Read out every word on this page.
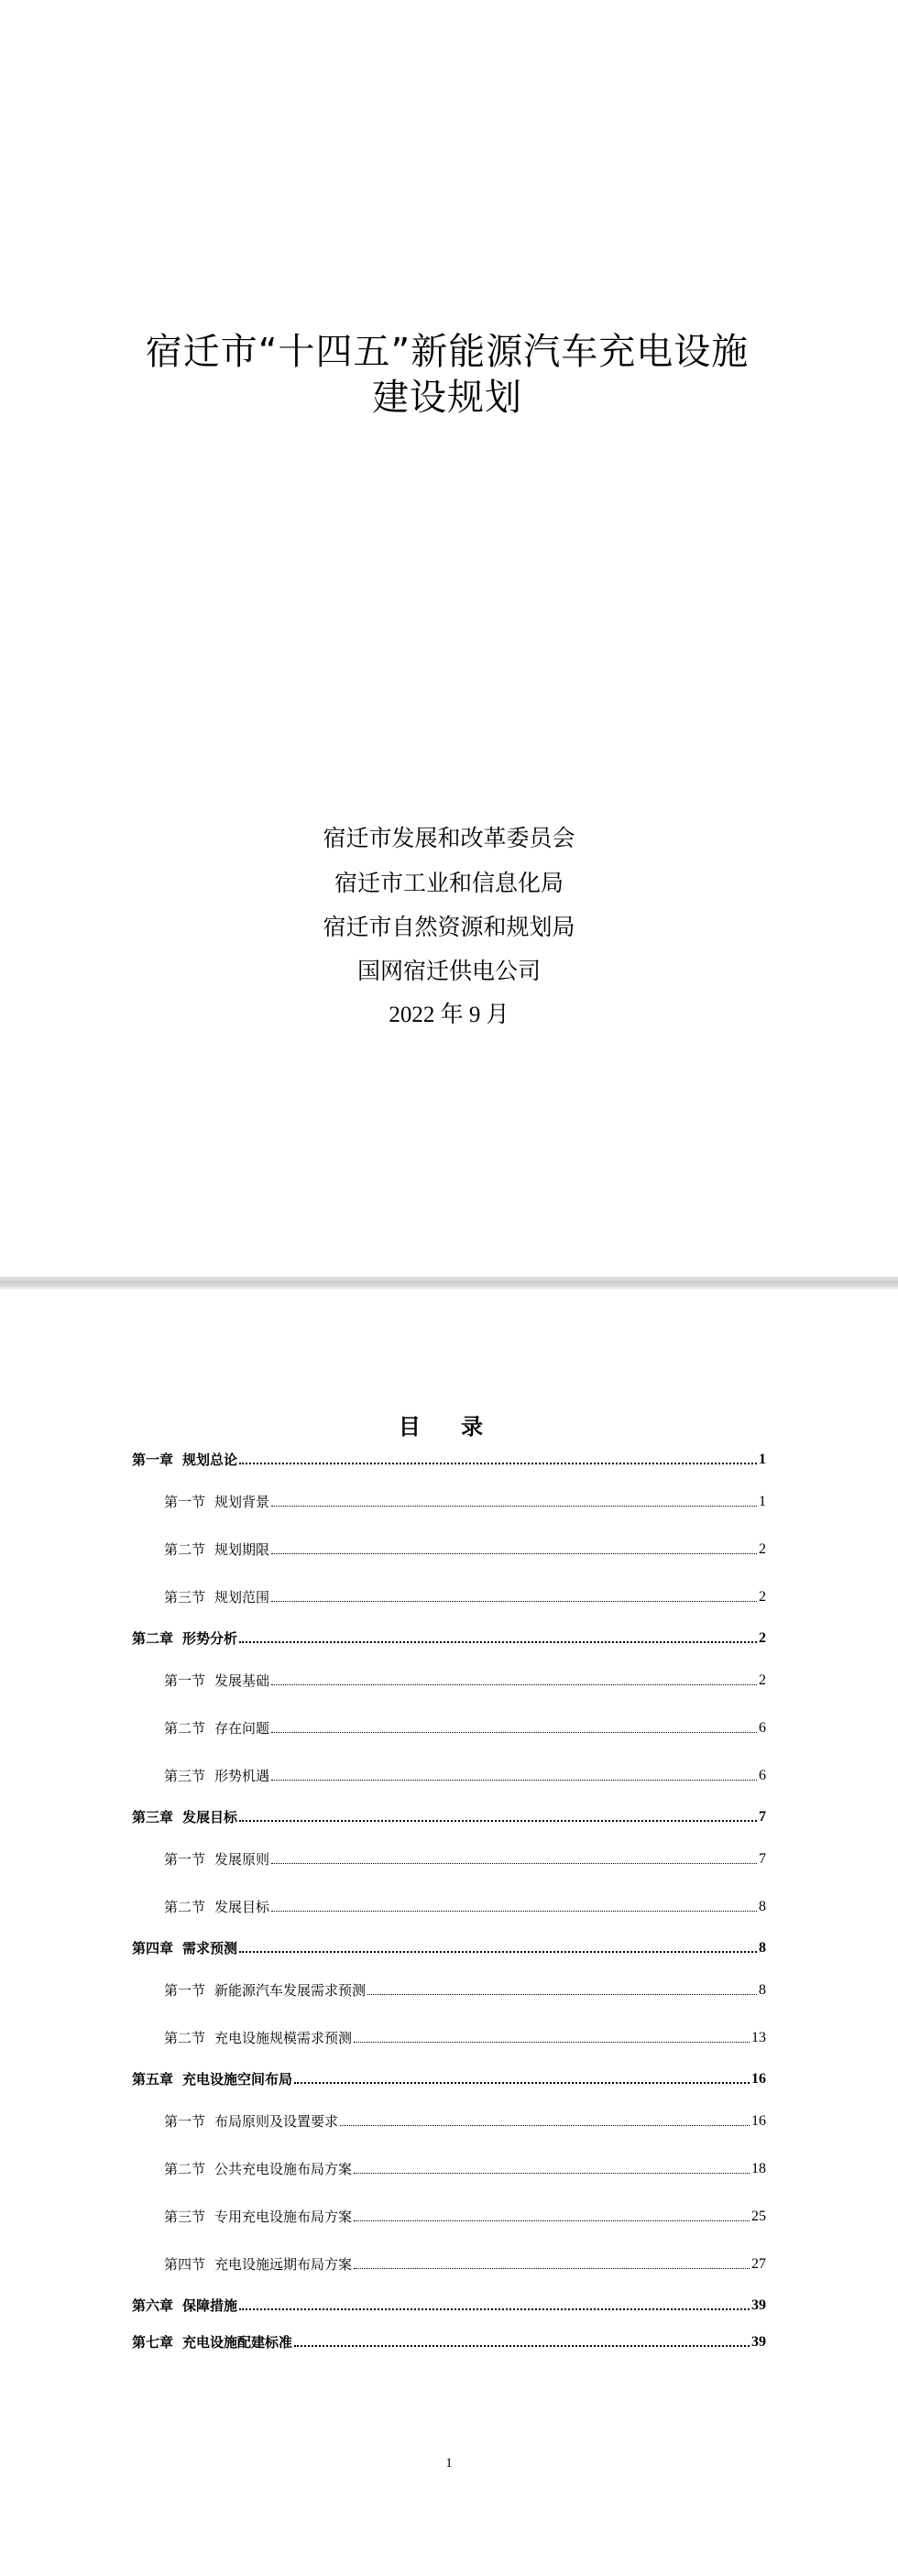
宿迁市“十四五”新能源汽车充电设施
建设规划
宿迁市发展和改革委员会
宿迁市工业和信息化局
宿迁市自然资源和规划局
国网宿迁供电公司
2022 年 9 月
目 录
第一章 规划总论	1
第一节 规划背景	1
第二节 规划期限	2
第三节 规划范围	2
第二章 形势分析	2
第一节 发展基础	2
第二节 存在问题	6
第三节 形势机遇	6
第三章 发展目标	7
第一节 发展原则	7
第二节 发展目标	8
第四章 需求预测	8
第一节 新能源汽车发展需求预测	8
第二节 充电设施规模需求预测	13
第五章 充电设施空间布局	16
第一节 布局原则及设置要求	16
第二节 公共充电设施布局方案	18
第三节 专用充电设施布局方案	25
第四节 充电设施远期布局方案	27
第六章 保障措施	39
第七章 充电设施配建标准	39
1
